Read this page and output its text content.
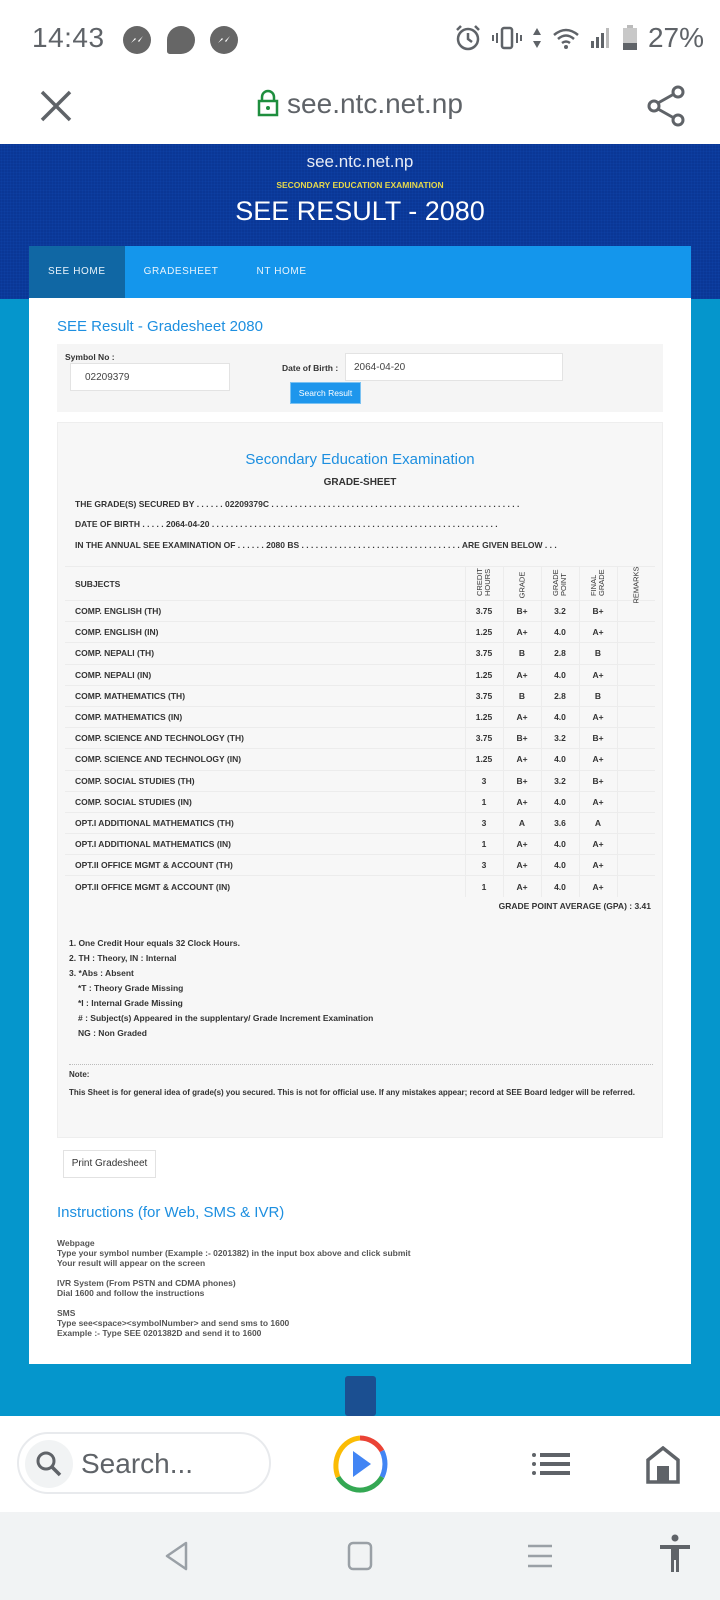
14:43	27%
see.ntc.net.np
see.ntc.net.np
SECONDARY EDUCATION EXAMINATION
SEE RESULT - 2080
SEE HOME	GRADESHEET	NT HOME
SEE Result - Gradesheet 2080
Symbol No :
02209379
Date of Birth :	2064-04-20
Search Result
Secondary Education Examination
GRADE-SHEET
THE GRADE(S) SECURED BY . . . . . . 02209379C . . . . . . . . . . . . . . . . . . . . . . . . . . . . . . . . . . . . . . . . . . . . . . . . . . . . .
DATE OF BIRTH . . . . . 2064-04-20 . . . . . . . . . . . . . . . . . . . . . . . . . . . . . . . . . . . . . . . . . . . . . . . . . . . . . . . . . . . . .
IN THE ANNUAL SEE EXAMINATION OF . . . . . . 2080 BS . . . . . . . . . . . . . . . . . . . . . . . . . . . . . . . . . . ARE GIVEN BELOW . . .
SUBJECTS	CREDIT HOURS	GRADE	GRADE POINT	FINAL GRADE	REMARKS
COMP. ENGLISH (TH)	3.75	B+	3.2	B+	
COMP. ENGLISH (IN)	1.25	A+	4.0	A+	
COMP. NEPALI (TH)	3.75	B	2.8	B	
COMP. NEPALI (IN)	1.25	A+	4.0	A+	
COMP. MATHEMATICS (TH)	3.75	B	2.8	B	
COMP. MATHEMATICS (IN)	1.25	A+	4.0	A+	
COMP. SCIENCE AND TECHNOLOGY (TH)	3.75	B+	3.2	B+	
COMP. SCIENCE AND TECHNOLOGY (IN)	1.25	A+	4.0	A+	
COMP. SOCIAL STUDIES (TH)	3	B+	3.2	B+	
COMP. SOCIAL STUDIES (IN)	1	A+	4.0	A+	
OPT.I ADDITIONAL MATHEMATICS (TH)	3	A	3.6	A	
OPT.I ADDITIONAL MATHEMATICS (IN)	1	A+	4.0	A+	
OPT.II OFFICE MGMT & ACCOUNT (TH)	3	A+	4.0	A+	
OPT.II OFFICE MGMT & ACCOUNT (IN)	1	A+	4.0	A+	
GRADE POINT AVERAGE (GPA) : 3.41
1. One Credit Hour equals 32 Clock Hours.
2. TH : Theory, IN : Internal
3. *Abs : Absent
*T : Theory Grade Missing
*I : Internal Grade Missing
# : Subject(s) Appeared in the supplentary/ Grade Increment Examination
NG : Non Graded
Note:
This Sheet is for general idea of grade(s) you secured. This is not for official use. If any mistakes appear; record at SEE Board ledger will be referred.
Print Gradesheet
Instructions (for Web, SMS & IVR)

Webpage
Type your symbol number (Example :- 0201382) in the input box above and click submit
Your result will appear on the screen

IVR System (From PSTN and CDMA phones)
Dial 1600 and follow the instructions

SMS
Type see<space><symbolNumber> and send sms to 1600
Example :- Type SEE 0201382D and send it to 1600

Search...
